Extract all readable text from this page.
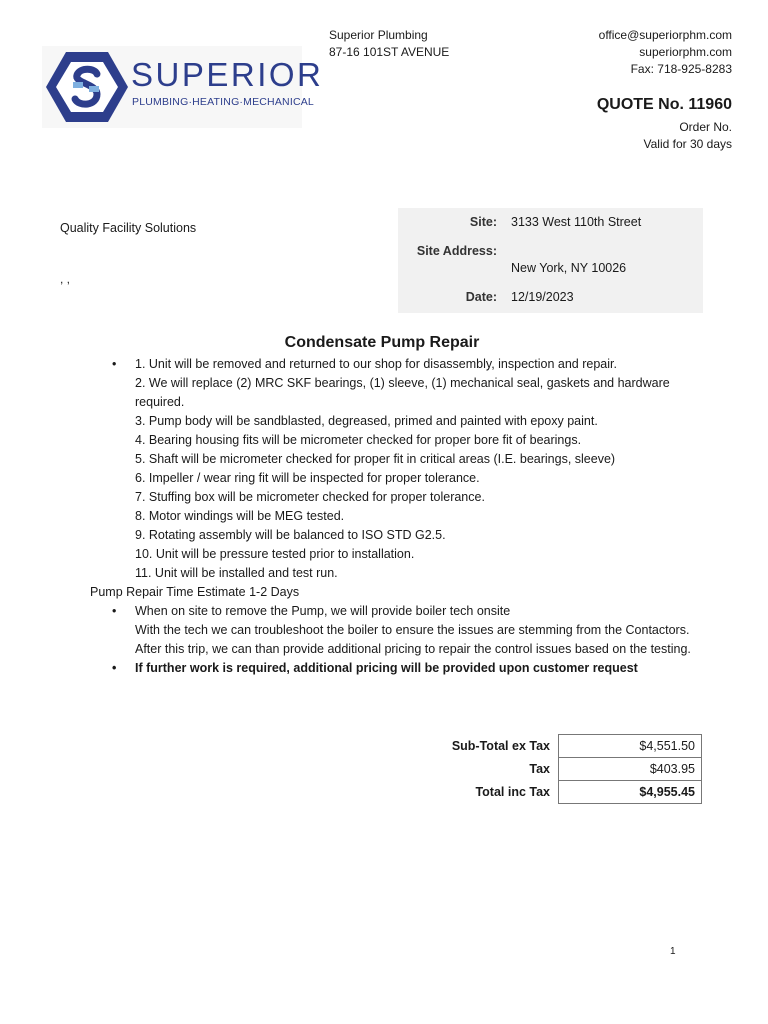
SUPERIOR
PLUMBING·HEATING·MECHANICAL
Superior Plumbing
87-16 101ST AVENUE
office@superiorphm.com
superiorphm.com
Fax: 718-925-8283
QUOTE No. 11960
Order No.
Valid for 30 days
Quality Facility Solutions
, ,
Site: 3133 West 110th Street
Site Address:
New York, NY 10026
Date: 12/19/2023
Condensate Pump Repair
• 1. Unit will be removed and returned to our shop for disassembly, inspection and repair.
2. We will replace (2) MRC SKF bearings, (1) sleeve, (1) mechanical seal, gaskets and hardware required.
3. Pump body will be sandblasted, degreased, primed and painted with epoxy paint.
4. Bearing housing fits will be micrometer checked for proper bore fit of bearings.
5. Shaft will be micrometer checked for proper fit in critical areas (I.E. bearings, sleeve)
6. Impeller / wear ring fit will be inspected for proper tolerance.
7. Stuffing box will be micrometer checked for proper tolerance.
8. Motor windings will be MEG tested.
9. Rotating assembly will be balanced to ISO STD G2.5.
10. Unit will be pressure tested prior to installation.
11. Unit will be installed and test run.

Pump Repair Time Estimate 1-2 Days

• When on site to remove the Pump, we will provide boiler tech onsite
With the tech we can troubleshoot the boiler to ensure the issues are stemming from the Contactors. After this trip, we can than provide additional pricing to repair the control issues based on the testing.
• If further work is required, additional pricing will be provided upon customer request
Sub-Total ex Tax	$4,551.50
Tax	$403.95
Total inc Tax	$4,955.45
1
